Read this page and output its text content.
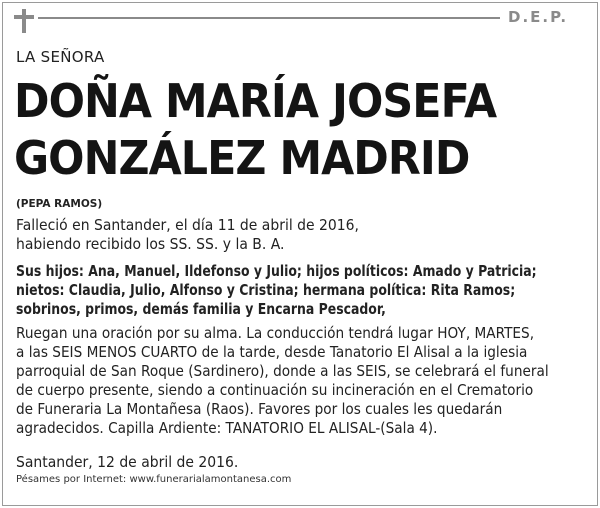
D.E.P.
LA SEÑORA
DOÑA MARÍA JOSEFA
GONZÁLEZ MADRID
(PEPA RAMOS)
Falleció en Santander, el día 11 de abril de 2016,
habiendo recibido los SS. SS. y la B. A.
Sus hijos: Ana, Manuel, Ildefonso y Julio; hijos políticos: Amado y Patricia;
nietos: Claudia, Julio, Alfonso y Cristina; hermana política: Rita Ramos;
sobrinos, primos, demás familia y Encarna Pescador,
Ruegan una oración por su alma. La conducción tendrá lugar HOY, MARTES,
a las SEIS MENOS CUARTO de la tarde, desde Tanatorio El Alisal a la iglesia
parroquial de San Roque (Sardinero), donde a las SEIS, se celebrará el funeral
de cuerpo presente, siendo a continuación su incineración en el Crematorio
de Funeraria La Montañesa (Raos). Favores por los cuales les quedarán
agradecidos. Capilla Ardiente: TANATORIO EL ALISAL-(Sala 4).
Santander, 12 de abril de 2016.
Pésames por Internet: www.funerarialamontanesa.com
